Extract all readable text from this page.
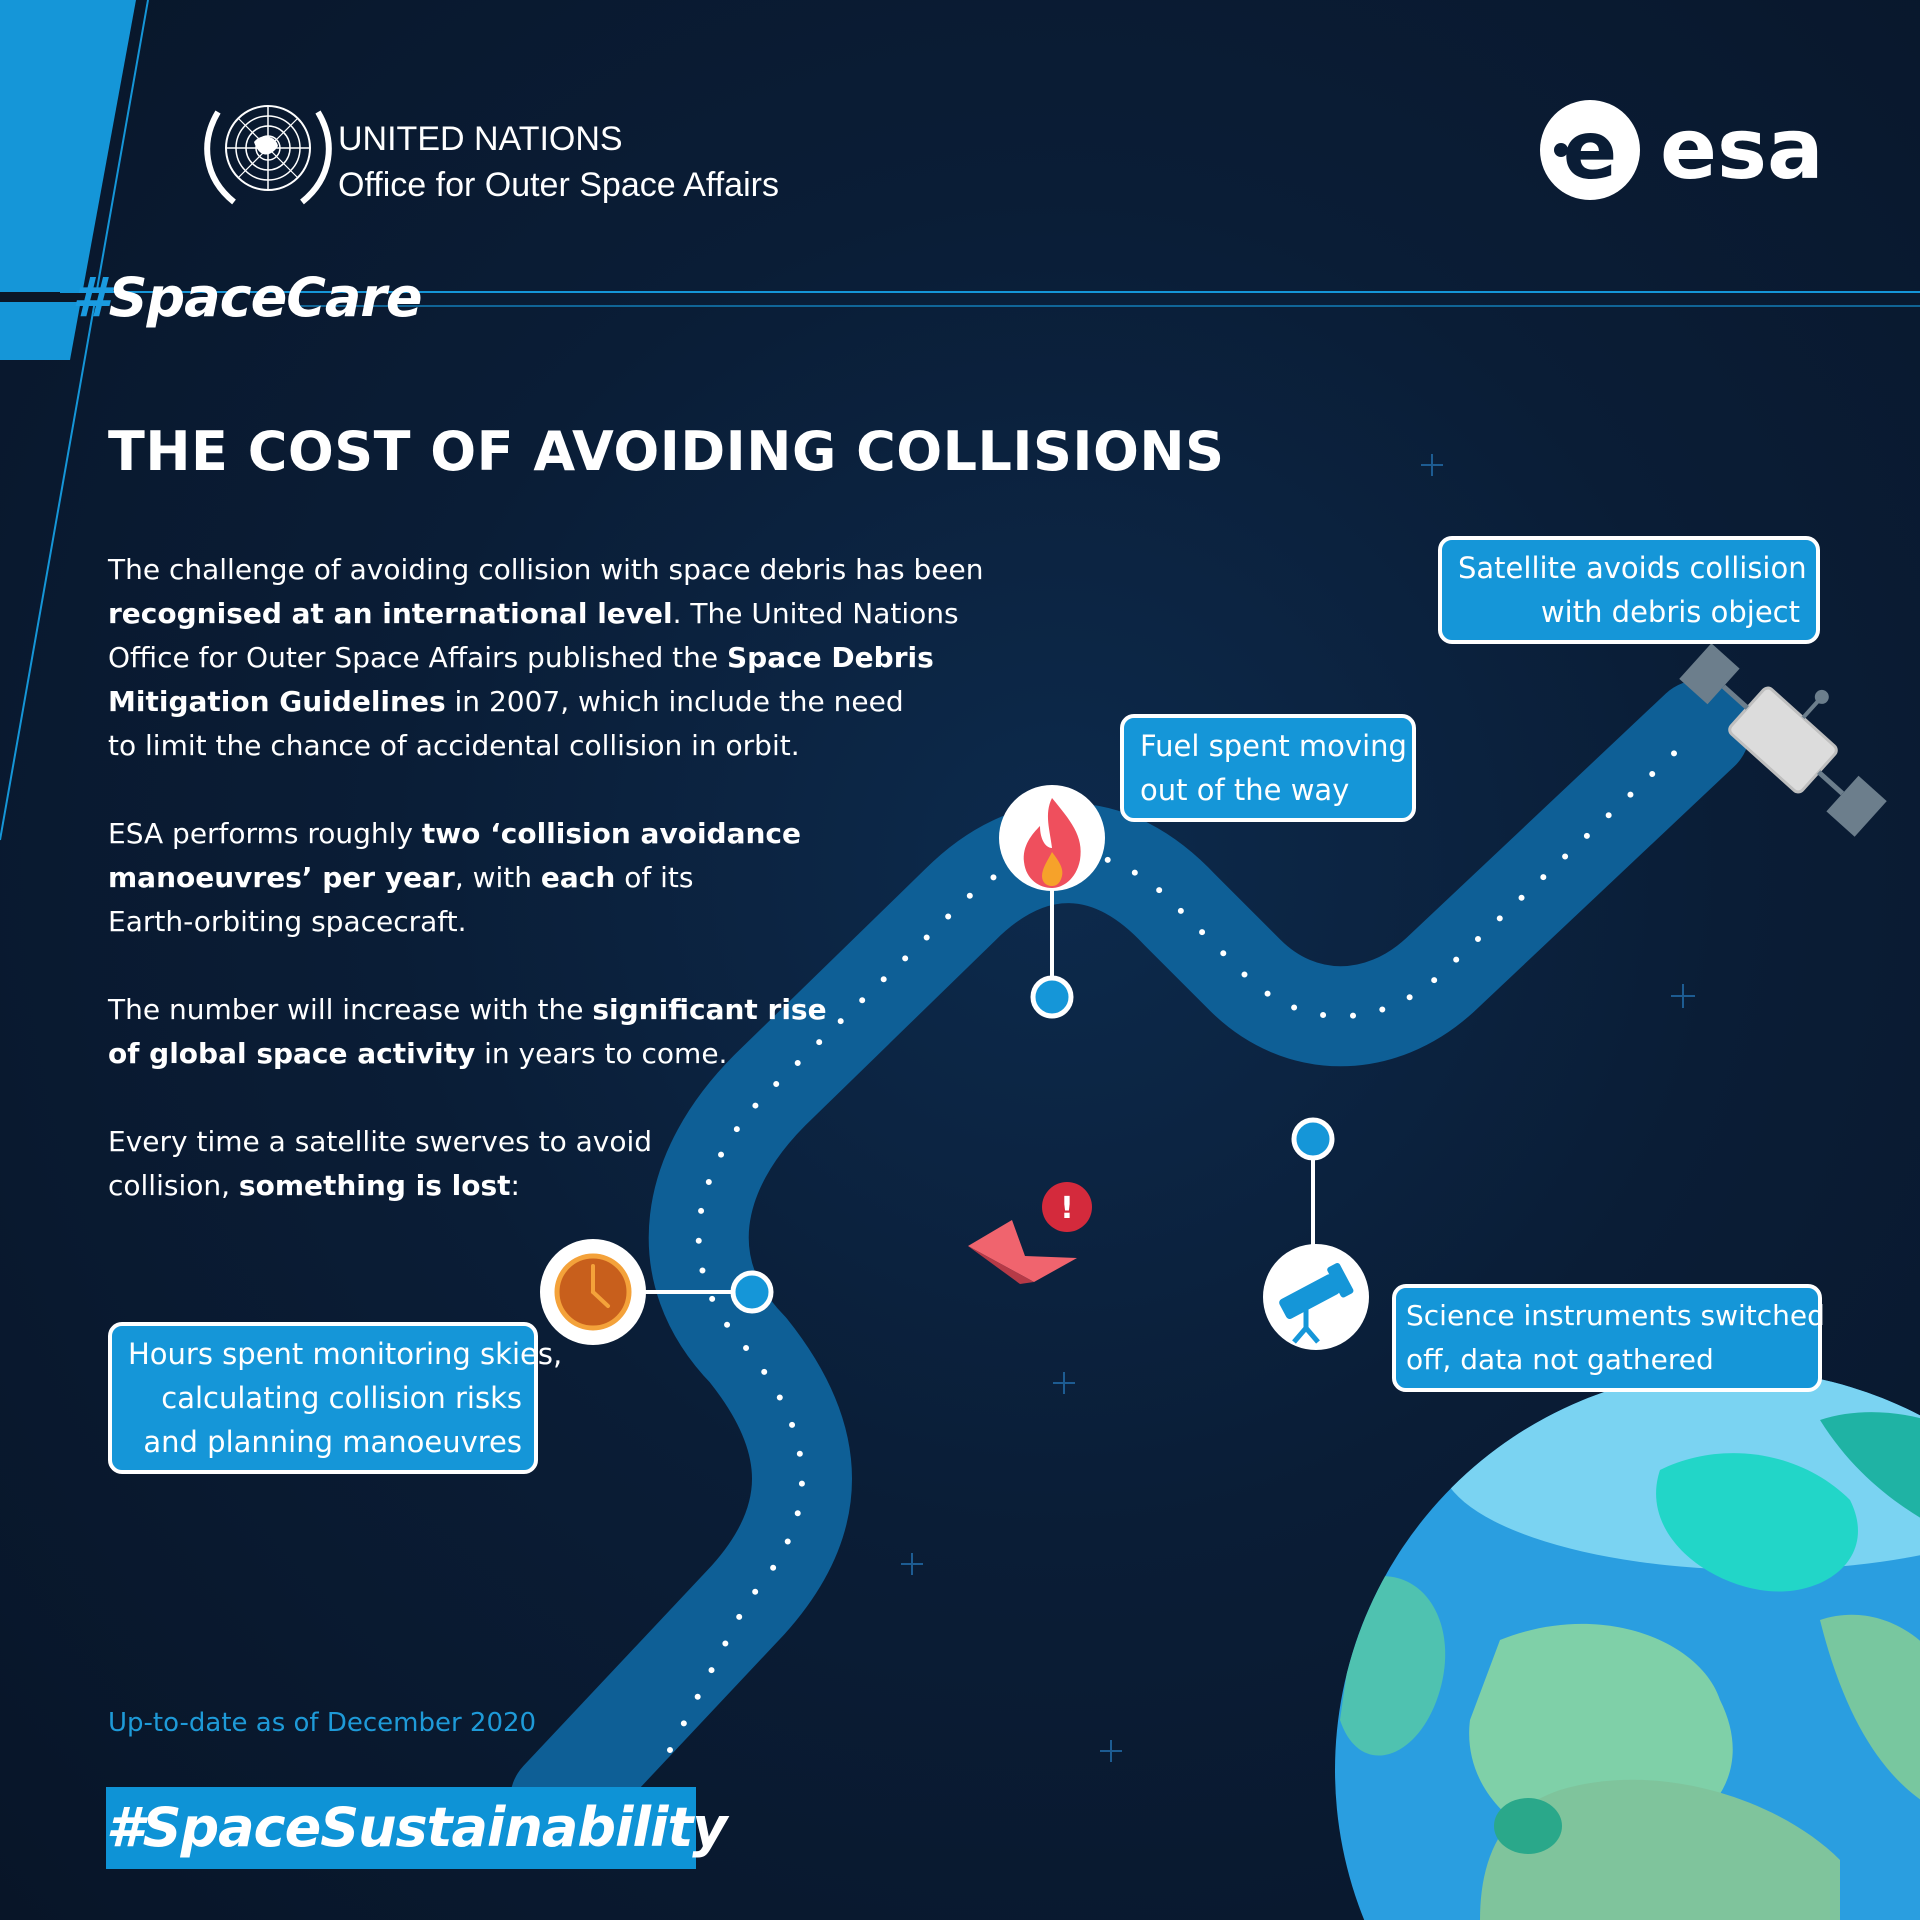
e esa
!
UNITED NATIONS
Office for Outer Space Affairs
#SpaceCare
THE COST OF AVOIDING COLLISIONS
The challenge of avoiding collision with space debris has been
recognised at an international level. The United Nations
Office for Outer Space Affairs published the Space Debris
Mitigation Guidelines in 2007, which include the need
to limit the chance of accidental collision in orbit.
ESA performs roughly two ‘collision avoidance
manoeuvres’ per year, with each of its
Earth-orbiting spacecraft.
The number will increase with the significant rise
of global space activity in years to come.
Every time a satellite swerves to avoid
collision, something is lost:
Satellite avoids collision
with debris object
Fuel spent moving
out of the way
Hours spent monitoring skies,
calculating collision risks
and planning manoeuvres
Science instruments switched
off, data not gathered
Up-to-date as of December 2020
#SpaceSustainability
